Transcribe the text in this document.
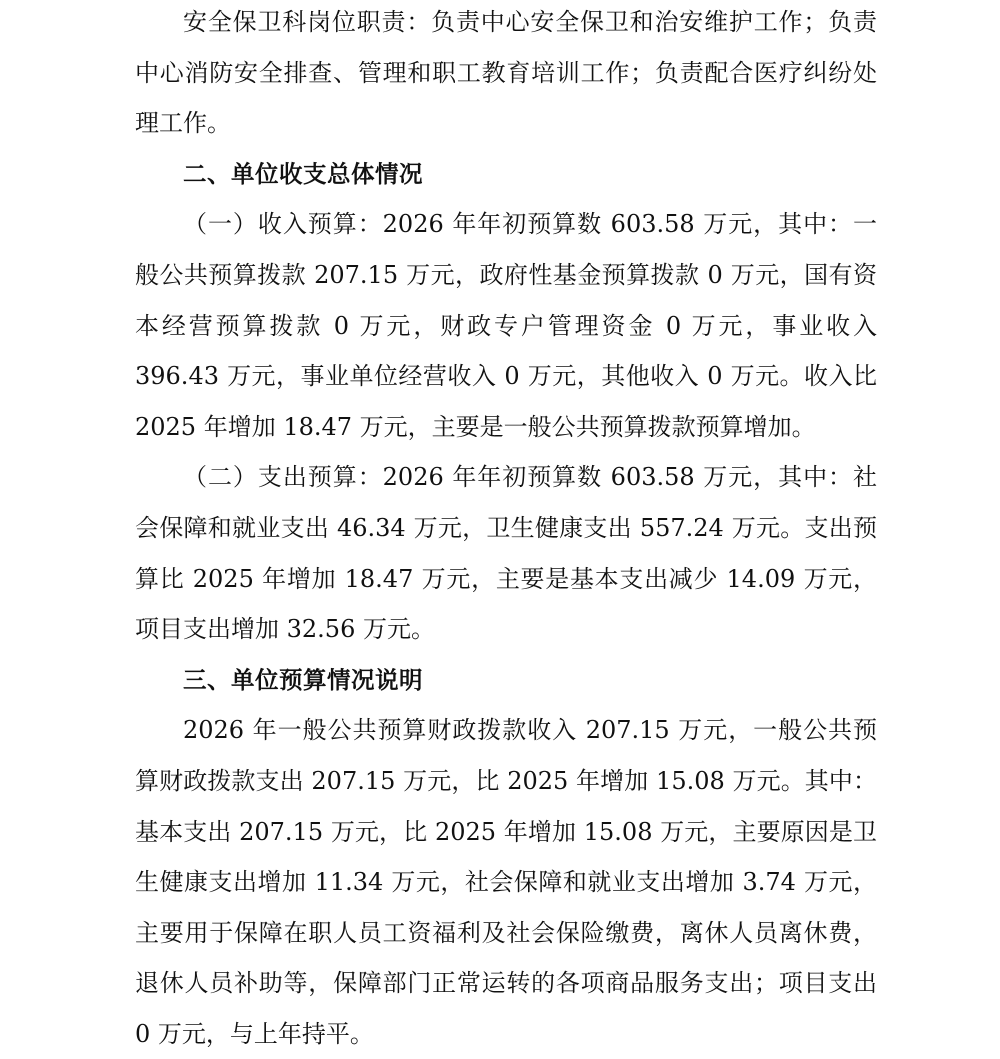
安全保卫科岗位职责：负责中心安全保卫和治安维护工作；负责中心消防安全排查、管理和职工教育培训工作；负责配合医疗纠纷处理工作。

二、单位收支总体情况

（一）收入预算：2026 年年初预算数 603.58 万元，其中：一般公共预算拨款 207.15 万元，政府性基金预算拨款 0 万元，国有资本经营预算拨款 0 万元，财政专户管理资金 0 万元，事业收入 396.43 万元，事业单位经营收入 0 万元，其他收入 0 万元。收入比 2025 年增加 18.47 万元，主要是一般公共预算拨款预算增加。

（二）支出预算：2026 年年初预算数 603.58 万元，其中：社会保障和就业支出 46.34 万元，卫生健康支出 557.24 万元。支出预算比 2025 年增加 18.47 万元，主要是基本支出减少 14.09 万元，项目支出增加 32.56 万元。

三、单位预算情况说明

2026 年一般公共预算财政拨款收入 207.15 万元，一般公共预算财政拨款支出 207.15 万元，比 2025 年增加 15.08 万元。其中：基本支出 207.15 万元，比 2025 年增加 15.08 万元，主要原因是卫生健康支出增加 11.34 万元，社会保障和就业支出增加 3.74 万元，主要用于保障在职人员工资福利及社会保险缴费，离休人员离休费，退休人员补助等，保障部门正常运转的各项商品服务支出；项目支出 0 万元，与上年持平。
